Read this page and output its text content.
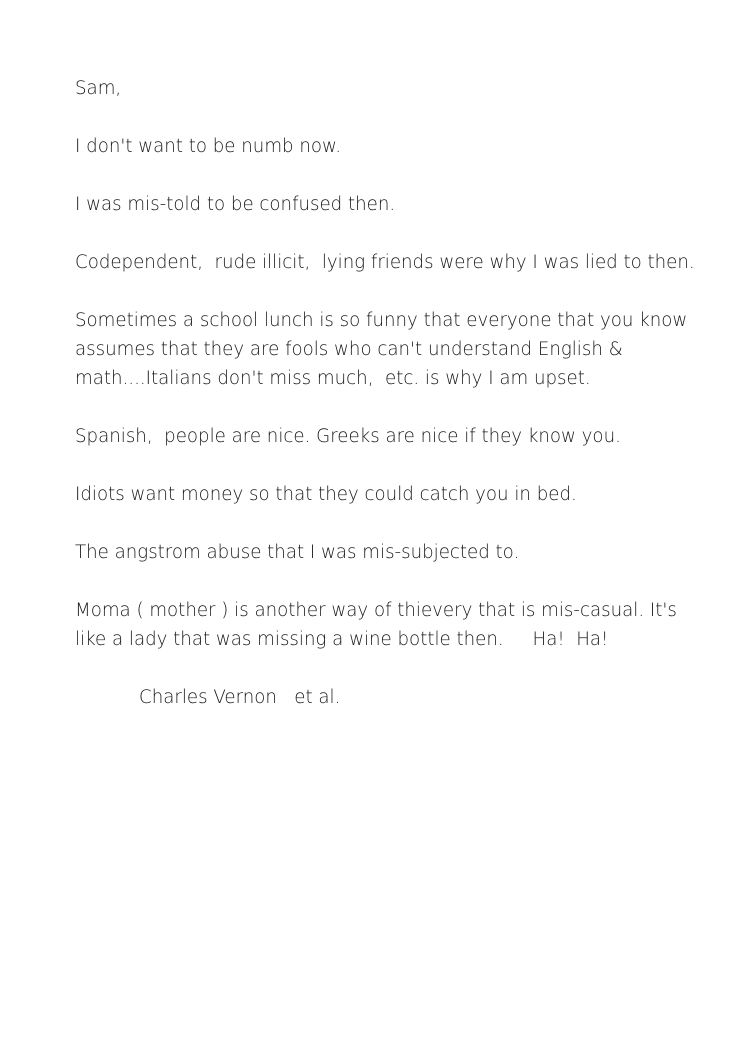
Sam,

I don't want to be numb now.

I was mis-told to be confused then.

Codependent,  rude illicit,  lying friends were why I was lied to then.

Sometimes a school lunch is so funny that everyone that you know assumes that they are fools who can't understand English & math....Italians don't miss much,  etc. is why I am upset.

Spanish,  people are nice. Greeks are nice if they know you.

Idiots want money so that they could catch you in bed.

The angstrom abuse that I was mis-subjected to.

Moma ( mother ) is another way of thievery that is mis-casual. It's like a lady that was missing a wine bottle then.     Ha!  Ha!

Charles Vernon   et al.
